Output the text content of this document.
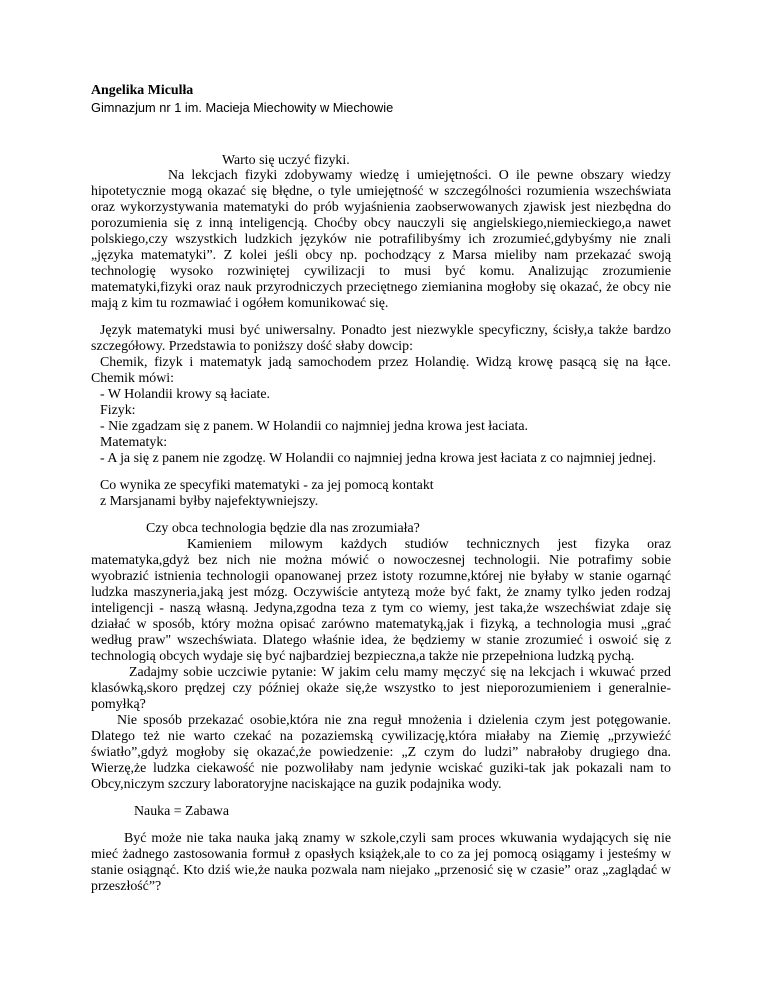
Angelika Miculła
Gimnazjum nr 1 im. Macieja Miechowity w Miechowie
Warto się uczyć fizyki.
Na lekcjach fizyki zdobywamy wiedzę i umiejętności. O ile pewne obszary wiedzy
hipotetycznie mogą okazać się błędne, o tyle umiejętność w szczególności rozumienia wszechświata
oraz wykorzystywania matematyki do prób wyjaśnienia zaobserwowanych zjawisk jest niezbędna do
porozumienia się z inną inteligencją. Choćby obcy nauczyli się angielskiego,niemieckiego,a nawet
polskiego,czy wszystkich ludzkich języków nie potrafilibyśmy ich zrozumieć,gdybyśmy nie znali
„języka matematyki”. Z kolei jeśli obcy np. pochodzący z Marsa mieliby nam przekazać swoją
technologię wysoko rozwiniętej cywilizacji to musi być komu. Analizując zrozumienie
matematyki,fizyki oraz nauk przyrodniczych przeciętnego ziemianina mogłoby się okazać, że obcy nie
mają z kim tu rozmawiać i ogółem komunikować się.
Język matematyki musi być uniwersalny. Ponadto jest niezwykle specyficzny, ścisły,a także bardzo
szczegółowy. Przedstawia to poniższy dość słaby dowcip:
Chemik, fizyk i matematyk jadą samochodem przez Holandię. Widzą krowę pasącą się na łące.
Chemik mówi:
- W Holandii krowy są łaciate.
Fizyk:
- Nie zgadzam się z panem. W Holandii co najmniej jedna krowa jest łaciata.
Matematyk:
- A ja się z panem nie zgodzę. W Holandii co najmniej jedna krowa jest łaciata z co najmniej jednej.
Co wynika ze specyfiki matematyki - za jej pomocą kontakt
z Marsjanami byłby najefektywniejszy.
Czy obca technologia będzie dla nas zrozumiała?
Kamieniem milowym każdych studiów technicznych jest fizyka oraz
matematyka,gdyż bez nich nie można mówić o nowoczesnej technologii. Nie potrafimy sobie
wyobrazić istnienia technologii opanowanej przez istoty rozumne,której nie byłaby w stanie ogarnąć
ludzka maszyneria,jaką jest mózg. Oczywiście antytezą może być fakt, że znamy tylko jeden rodzaj
inteligencji - naszą własną. Jedyna,zgodna teza z tym co wiemy, jest taka,że wszechświat zdaje się
działać w sposób, który można opisać zarówno matematyką,jak i fizyką, a technologia musi „grać
według praw" wszechświata. Dlatego właśnie idea, że będziemy w stanie zrozumieć i oswoić się z
technologią obcych wydaje się być najbardziej bezpieczna,a także nie przepełniona ludzką pychą.
Zadajmy sobie uczciwie pytanie: W jakim celu mamy męczyć się na lekcjach i wkuwać przed
klasówką,skoro prędzej czy później okaże się,że wszystko to jest nieporozumieniem i generalnie-
pomyłką?
Nie sposób przekazać osobie,która nie zna reguł mnożenia i dzielenia czym jest potęgowanie.
Dlatego też nie warto czekać na pozaziemską cywilizację,która miałaby na Ziemię „przywieźć
światło”,gdyż mogłoby się okazać,że powiedzenie: „Z czym do ludzi” nabrałoby drugiego dna.
Wierzę,że ludzka ciekawość nie pozwoliłaby nam jedynie wciskać guziki-tak jak pokazali nam to
Obcy,niczym szczury laboratoryjne naciskające na guzik podajnika wody.
Nauka = Zabawa
Być może nie taka nauka jaką znamy w szkole,czyli sam proces wkuwania wydających się nie
mieć żadnego zastosowania formuł z opasłych książek,ale to co za jej pomocą osiągamy i jesteśmy w
stanie osiągnąć. Kto dziś wie,że nauka pozwala nam niejako „przenosić się w czasie” oraz „zaglądać w
przeszłość”?
